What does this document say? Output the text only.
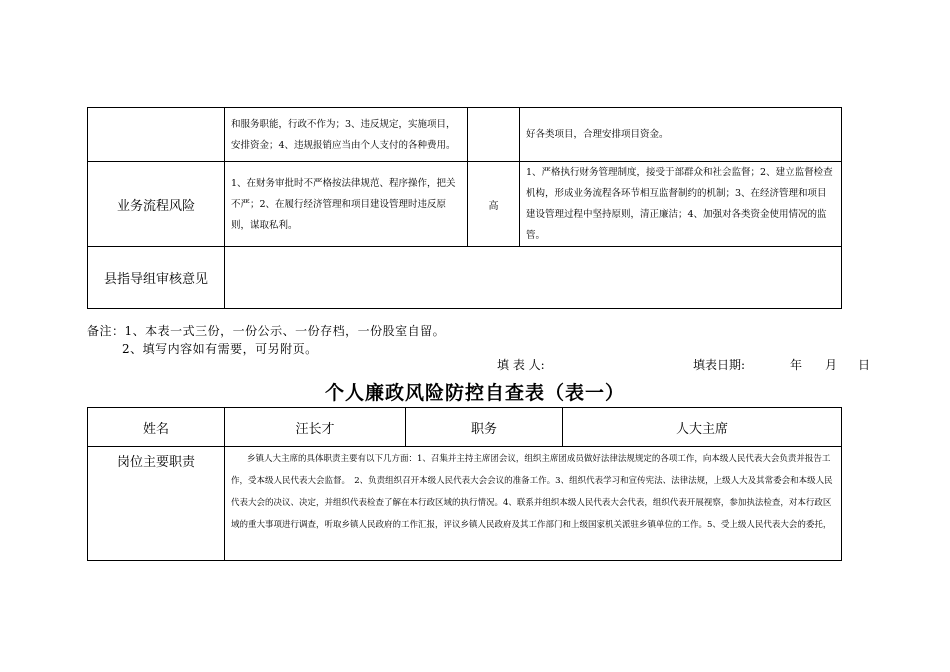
	和服务职能，行政不作为；3、违反规定，实施项目，安排资金；4、违规报销应当由个人支付的各种费用。		好各类项目，合理安排项目资金。
业务流程风险	1、在财务审批时不严格按法律规范、程序操作，把关不严；2、在履行经济管理和项目建设管理时违反原则，谋取私利。	高	1、严格执行财务管理制度，接受于部群众和社会监督；2、建立监督检查机构，形成业务流程各环节相互监督制约的机制；3、在经济管理和项目建设管理过程中坚持原则，清正廉洁；4、加强对各类资金使用情况的监管。
县指导组审核意见			
备注：1、本表一式三份，一份公示、一份存档，一份股室自留。
2、填写内容如有需要，可另附页。
填 表 人:	填表日期:	年 月 日
个人廉政风险防控自查表（表一）
姓名	汪长才	职务	人大主席
岗位主要职责	乡镇人大主席的具体职责主要有以下几方面：1、召集并主持主席团会议，组织主席团成员做好法律法规规定的各项工作，向本级人民代表大会负责并报告工
作，受本级人民代表大会监督。　2、负责组织召开本级人民代表大会会议的准备工作。3、组织代表学习和宣传宪法、法律法规，上级人大及其常委会和本级人民
代表大会的决议、决定，并组织代表检查了解在本行政区域的执行情况。4、联系并组织本级人民代表大会代表，组织代表开展视察，参加执法检查，对本行政区
域的重大事项进行调查，听取乡镇人民政府的工作汇报，评议乡镇人民政府及其工作部门和上级国家机关派驻乡镇单位的工作。5、受上级人民代表大会的委托，		
